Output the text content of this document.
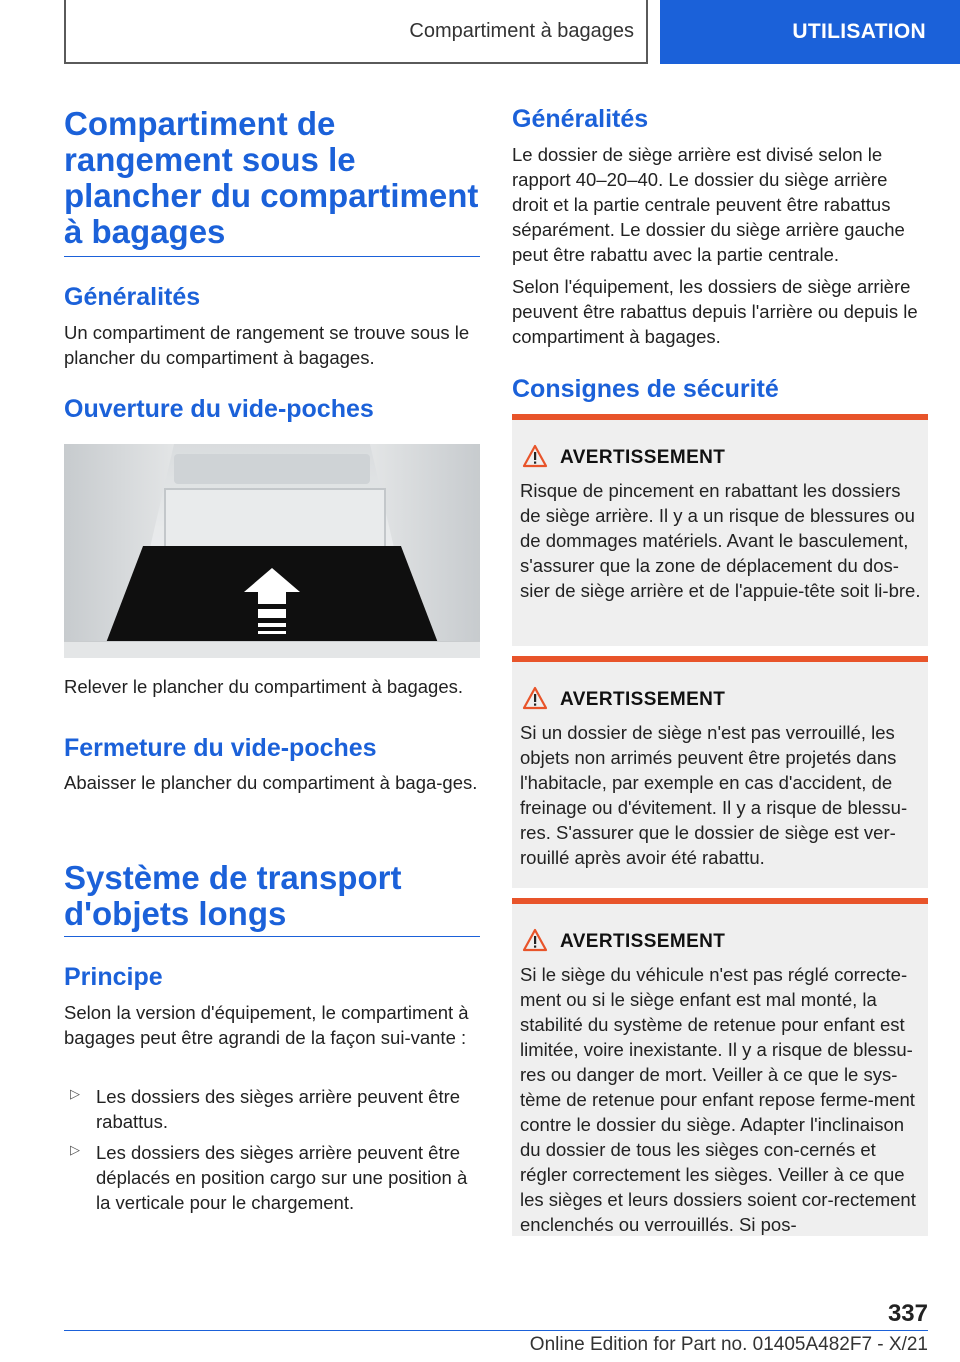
Compartiment à bagages	UTILISATION
Compartiment de rangement sous le plancher du compartiment à bagages
Généralités

Un compartiment de rangement se trouve sous le plancher du compartiment à bagages.

Ouverture du vide-poches

Relever le plancher du compartiment à bagages.

Fermeture du vide-poches

Abaisser le plancher du compartiment à baga-ges.

Système de transport d'objets longs
Principe

Selon la version d'équipement, le compartiment à bagages peut être agrandi de la façon sui-vante :

▷ Les dossiers des sièges arrière peuvent être rabattus.

▷ Les dossiers des sièges arrière peuvent être déplacés en position cargo sur une position à la verticale pour le chargement.

Généralités

Le dossier de siège arrière est divisé selon le rapport 40–20–40. Le dossier du siège arrière droit et la partie centrale peuvent être rabattus séparément. Le dossier du siège arrière gauche peut être rabattu avec la partie centrale.

Selon l'équipement, les dossiers de siège arrière peuvent être rabattus depuis l'arrière ou depuis le compartiment à bagages.

Consignes de sécurité
AVERTISSEMENT

Risque de pincement en rabattant les dossiers de siège arrière. Il y a un risque de blessures ou de dommages matériels. Avant le basculement, s'assurer que la zone de déplacement du dos-sier de siège arrière et de l'appuie-tête soit li-bre.

AVERTISSEMENT

Si un dossier de siège n'est pas verrouillé, les objets non arrimés peuvent être projetés dans l'habitacle, par exemple en cas d'accident, de freinage ou d'évitement. Il y a risque de blessu-res. S'assurer que le dossier de siège est ver-rouillé après avoir été rabattu.

AVERTISSEMENT

Si le siège du véhicule n'est pas réglé correcte-ment ou si le siège enfant est mal monté, la stabilité du système de retenue pour enfant est limitée, voire inexistante. Il y a risque de blessu-res ou danger de mort. Veiller à ce que le sys-tème de retenue pour enfant repose ferme-ment contre le dossier du siège. Adapter l'inclinaison du dossier de tous les sièges con-cernés et régler correctement les sièges. Veiller à ce que les sièges et leurs dossiers soient cor-rectement enclenchés ou verrouillés. Si pos-

337
Online Edition for Part no. 01405A482F7 - X/21
